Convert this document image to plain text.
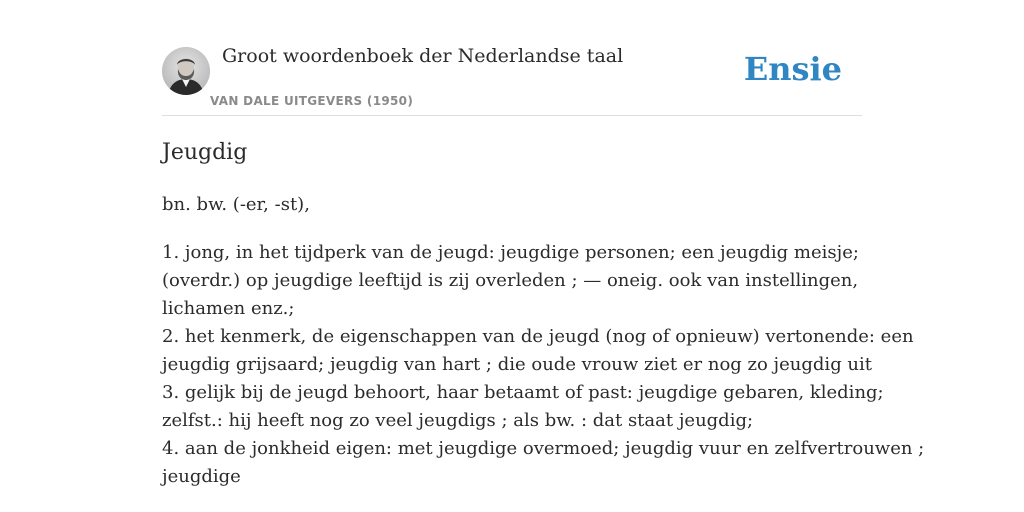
Groot woordenboek der Nederlandse taal
VAN DALE UITGEVERS (1950)
Ensie
Jeugdig
bn. bw. (-er, -st),
1. jong, in het tijdperk van de jeugd: jeugdige personen; een jeugdig meisje;
(overdr.) op jeugdige leeftijd is zij overleden ; — oneig. ook van instellingen,
lichamen enz.;
2. het kenmerk, de eigenschappen van de jeugd (nog of opnieuw) vertonende: een
jeugdig grijsaard; jeugdig van hart ; die oude vrouw ziet er nog zo jeugdig uit
3. gelijk bij de jeugd behoort, haar betaamt of past: jeugdige gebaren, kleding;
zelfst.: hij heeft nog zo veel jeugdigs ; als bw. : dat staat jeugdig;
4. aan de jonkheid eigen: met jeugdige overmoed; jeugdig vuur en zelfvertrouwen ;
jeugdige
